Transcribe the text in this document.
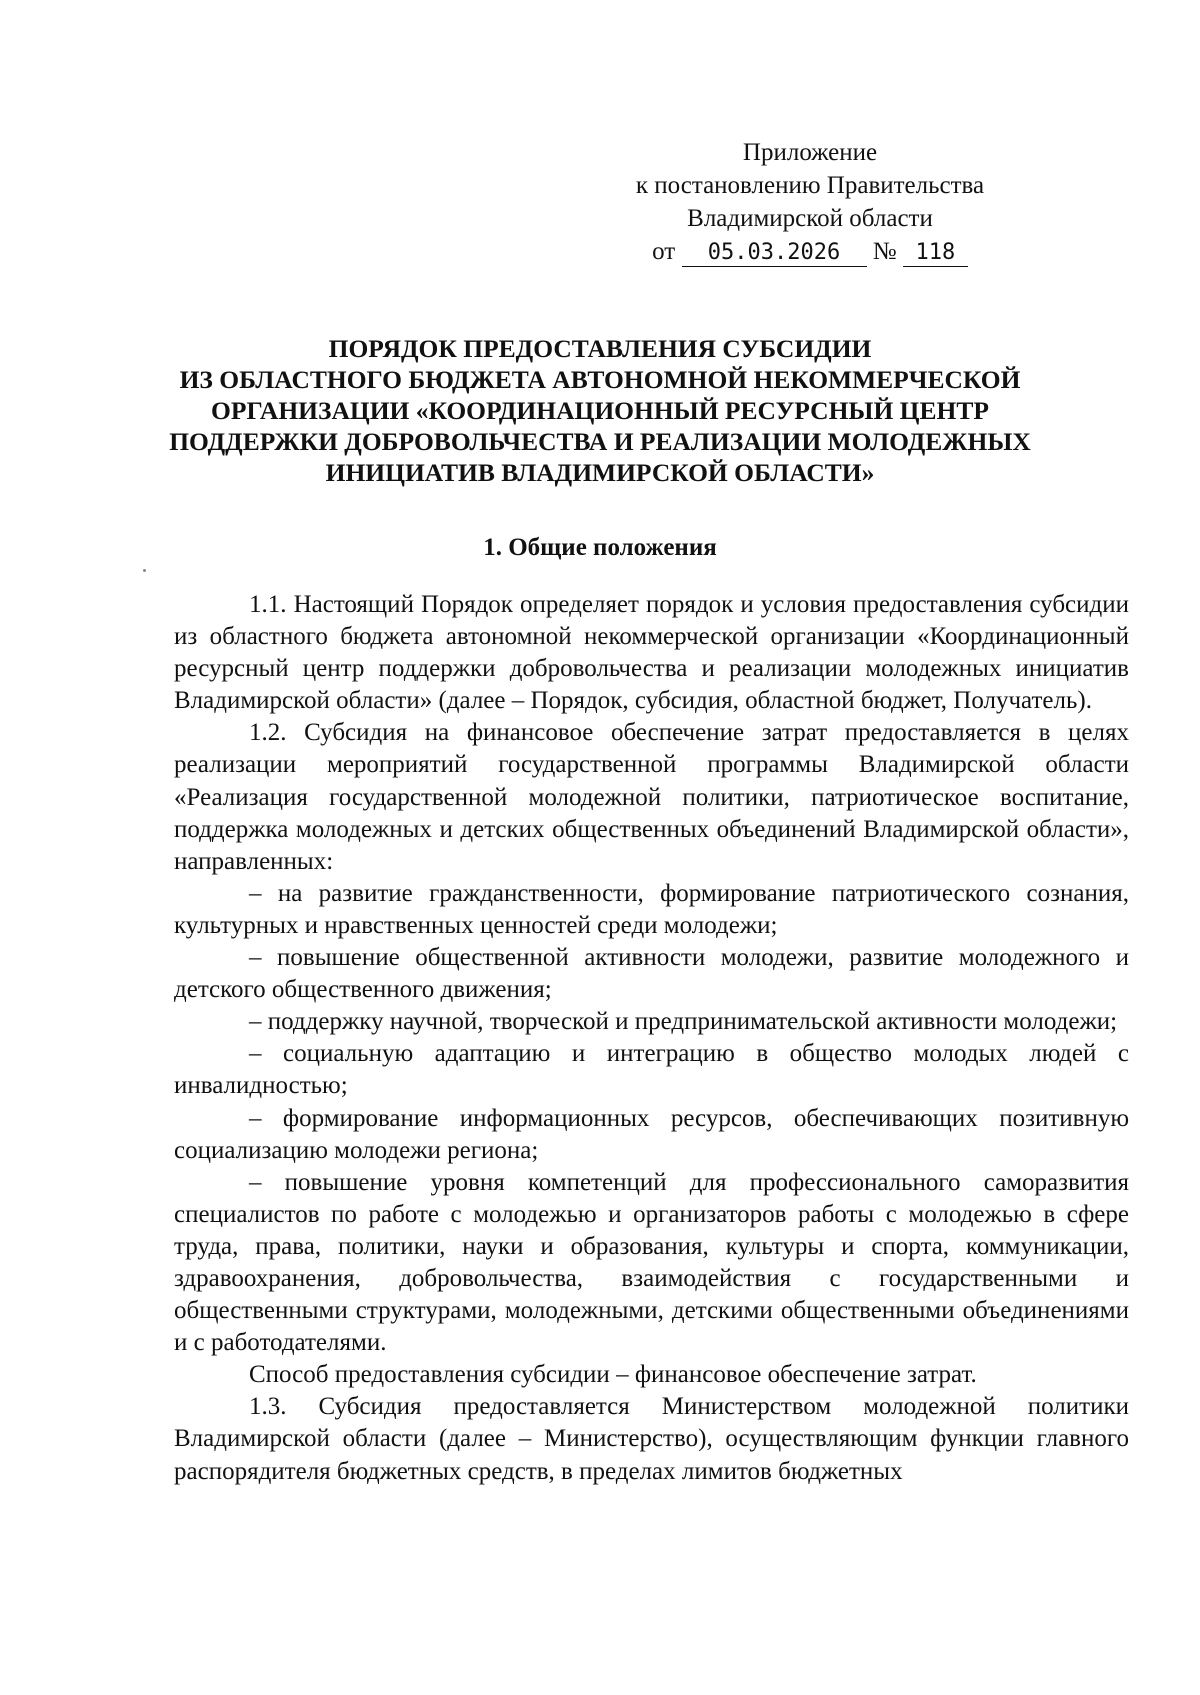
Приложение
к постановлению Правительства
Владимирской области
от 05.03.2026 № 118
ПОРЯДОК ПРЕДОСТАВЛЕНИЯ СУБСИДИИ
ИЗ ОБЛАСТНОГО БЮДЖЕТА АВТОНОМНОЙ НЕКОММЕРЧЕСКОЙ
ОРГАНИЗАЦИИ «КООРДИНАЦИОННЫЙ РЕСУРСНЫЙ ЦЕНТР
ПОДДЕРЖКИ ДОБРОВОЛЬЧЕСТВА И РЕАЛИЗАЦИИ МОЛОДЕЖНЫХ
ИНИЦИАТИВ ВЛАДИМИРСКОЙ ОБЛАСТИ»
1. Общие положения

1.1. Настоящий Порядок определяет порядок и условия предоставления субсидии из областного бюджета автономной некоммерческой организации «Координационный ресурсный центр поддержки добровольчества и реализации молодежных инициатив Владимирской области» (далее – Порядок, субсидия, областной бюджет, Получатель).

1.2. Субсидия на финансовое обеспечение затрат предоставляется в целях реализации мероприятий государственной программы Владимирской области «Реализация государственной молодежной политики, патриотическое воспитание, поддержка молодежных и детских общественных объединений Владимирской области», направленных:

– на развитие гражданственности, формирование патриотического сознания, культурных и нравственных ценностей среди молодежи;

– повышение общественной активности молодежи, развитие молодежного и детского общественного движения;

– поддержку научной, творческой и предпринимательской активности молодежи;

– социальную адаптацию и интеграцию в общество молодых людей с инвалидностью;

– формирование информационных ресурсов, обеспечивающих позитивную социализацию молодежи региона;

– повышение уровня компетенций для профессионального саморазвития специалистов по работе с молодежью и организаторов работы с молодежью в сфере труда, права, политики, науки и образования, культуры и спорта, коммуникации, здравоохранения, добровольчества, взаимодействия с государственными и общественными структурами, молодежными, детскими общественными объединениями и с работодателями.

Способ предоставления субсидии – финансовое обеспечение затрат.

1.3. Субсидия предоставляется Министерством молодежной политики Владимирской области (далее – Министерство), осуществляющим функции главного распорядителя бюджетных средств, в пределах лимитов бюджетных
